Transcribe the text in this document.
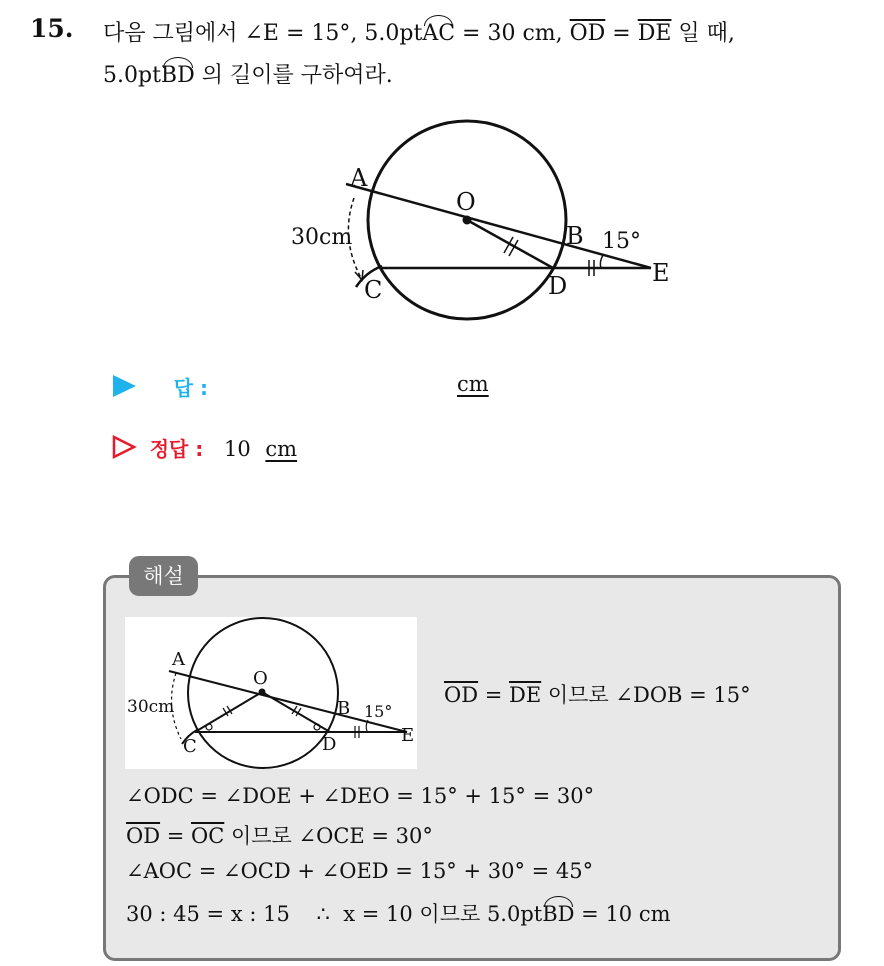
15. 다음 그림에서 ∠E = 15°, 5.0ptAC = 30 cm, $\overline{OD} = \overline{DE}$ 일 때,
5.0ptBD 의 길이를 구하여라.
A
O
B
C	D	E
15°
30cm
답 :	cm
정답 : 10 cm
해설
A
O
B
C	D	E
15°
30cm	$\overline{OD} = \overline{DE}$ 이므로 ∠DOB = 15°
∠ODC = ∠DOE + ∠DEO = 15° + 15° = 30°
$\overline{OD} = \overline{OC}$ 이므로 ∠OCE = 30°
∠AOC = ∠OCD + ∠OED = 15° + 30° = 45°
30 : 45 = x : 15    ∴  x = 10 이므로 5.0ptBD = 10 cm
